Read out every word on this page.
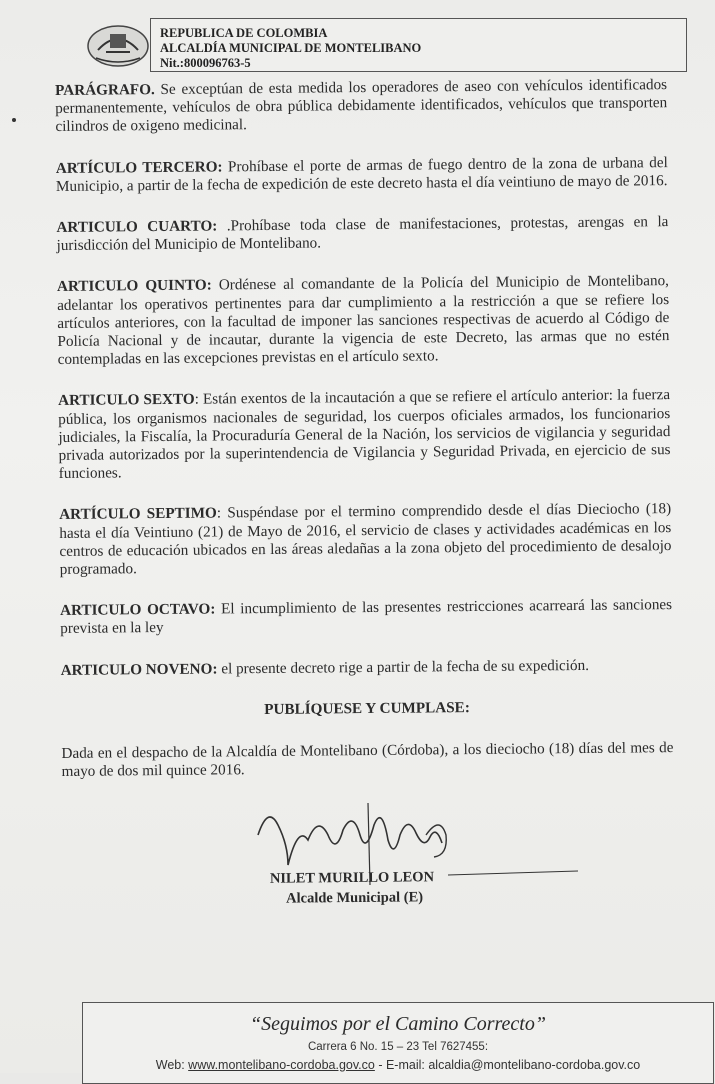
REPUBLICA DE COLOMBIA
ALCALDÍA MUNICIPAL DE MONTELIBANO
Nit.:800096763-5

PARÁGRAFO. Se exceptúan de esta medida los operadores de aseo con vehículos identificados permanentemente, vehículos de obra pública debidamente identificados, vehículos que transporten cilindros de oxigeno medicinal.

ARTÍCULO TERCERO: Prohíbase el porte de armas de fuego dentro de la zona de urbana del Municipio, a partir de la fecha de expedición de este decreto hasta el día veintiuno de mayo de 2016.

ARTICULO CUARTO: .Prohíbase toda clase de manifestaciones, protestas, arengas en la jurisdicción del Municipio de Montelibano.

ARTICULO QUINTO: Ordénese al comandante de la Policía del Municipio de Montelibano, adelantar los operativos pertinentes para dar cumplimiento a la restricción a que se refiere los artículos anteriores, con la facultad de imponer las sanciones respectivas de acuerdo al Código de Policía Nacional y de incautar, durante la vigencia de este Decreto, las armas que no estén contempladas en las excepciones previstas en el artículo sexto.

ARTICULO SEXTO: Están exentos de la incautación a que se refiere el artículo anterior: la fuerza pública, los organismos nacionales de seguridad, los cuerpos oficiales armados, los funcionarios judiciales, la Fiscalía, la Procuraduría General de la Nación, los servicios de vigilancia y seguridad privada autorizados por la superintendencia de Vigilancia y Seguridad Privada, en ejercicio de sus funciones.

ARTÍCULO SEPTIMO: Suspéndase por el termino comprendido desde el días Dieciocho (18) hasta el día Veintiuno (21) de Mayo de 2016, el servicio de clases y actividades académicas en los centros de educación ubicados en las áreas aledañas a la zona objeto del procedimiento de desalojo programado.

ARTICULO OCTAVO: El incumplimiento de las presentes restricciones acarreará las sanciones prevista en la ley

ARTICULO NOVENO: el presente decreto rige a partir de la fecha de su expedición.

PUBLÍQUESE Y CUMPLASE:

Dada en el despacho de la Alcaldía de Montelibano (Córdoba), a los dieciocho (18) días del mes de mayo de dos mil quince 2016.

NILET MURILLO LEON
Alcalde Municipal (E)
“Seguimos por el Camino Correcto”
Carrera 6 No. 15 – 23 Tel 7627455:
Web: www.montelibano-cordoba.gov.co - E-mail: alcaldia@montelibano-cordoba.gov.co
